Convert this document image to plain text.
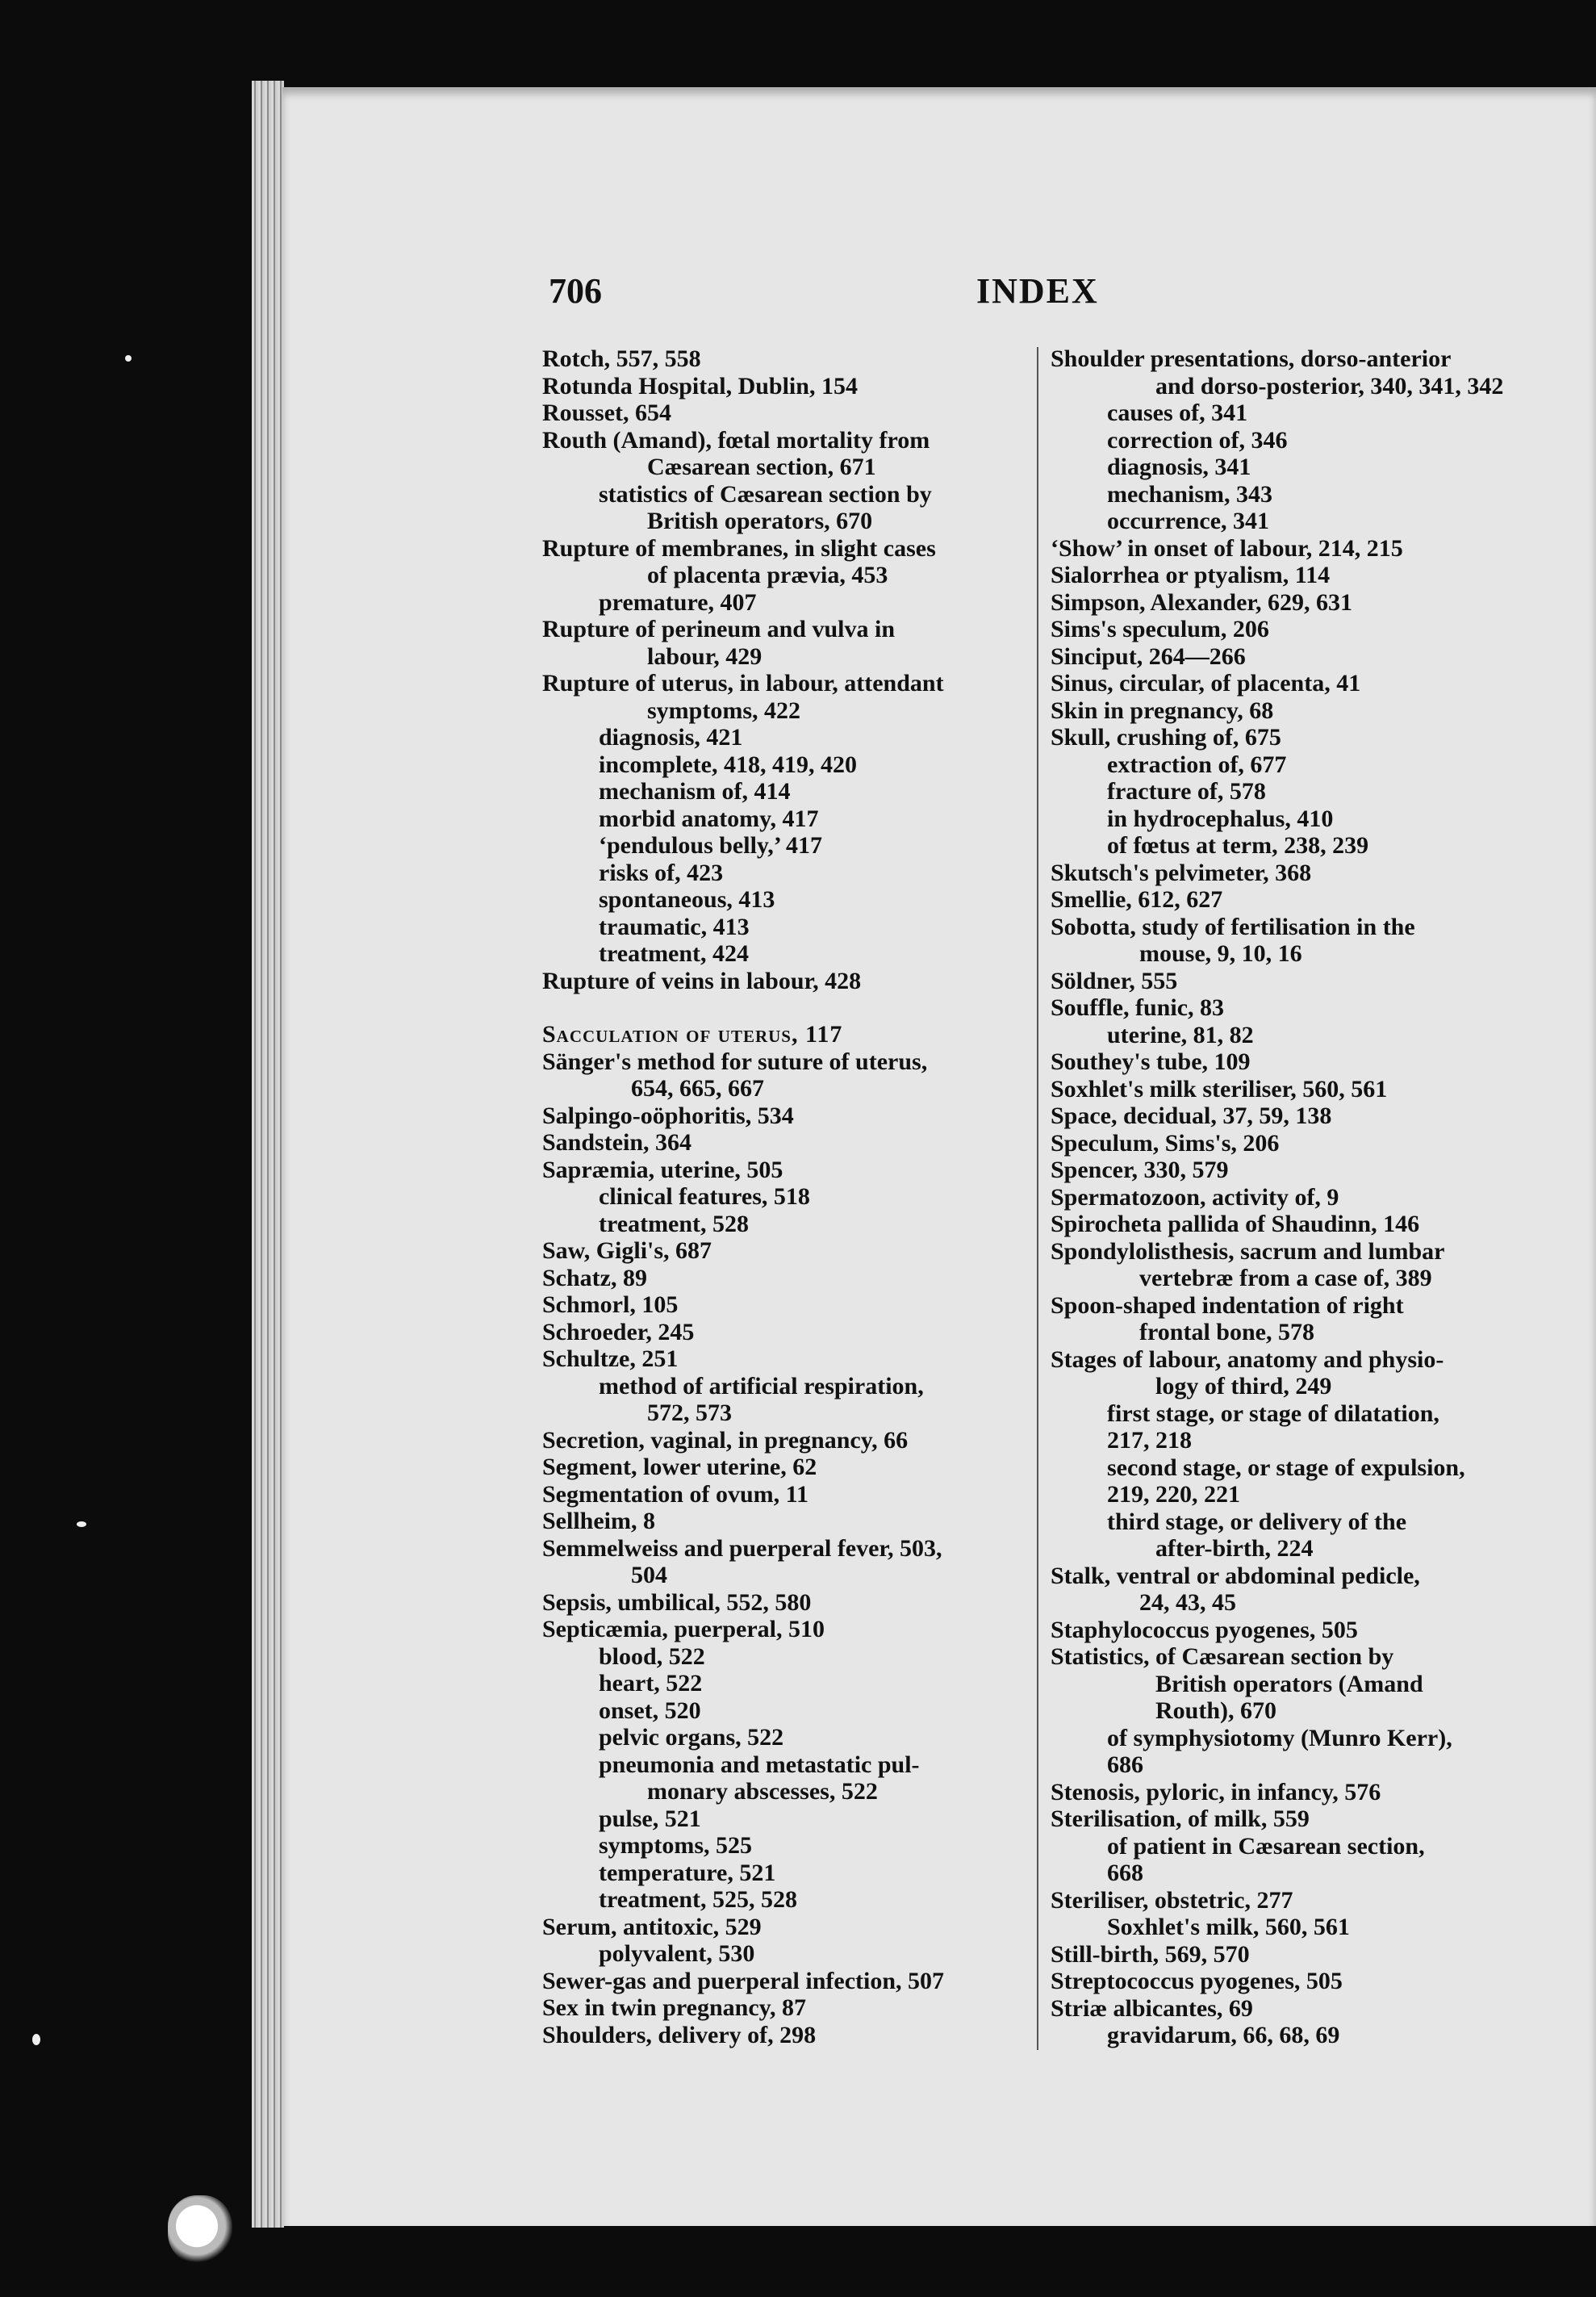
706	INDEX
Rotch, 557, 558
Rotunda Hospital, Dublin, 154
Rousset, 654
Routh (Amand), fœtal mortality from
Cæsarean section, 671
statistics of Cæsarean section by
British operators, 670
Rupture of membranes, in slight cases
of placenta prævia, 453
premature, 407
Rupture of perineum and vulva in
labour, 429
Rupture of uterus, in labour, attendant
symptoms, 422
diagnosis, 421
incomplete, 418, 419, 420
mechanism of, 414
morbid anatomy, 417
‘pendulous belly,’ 417
risks of, 423
spontaneous, 413
traumatic, 413
treatment, 424
Rupture of veins in labour, 428
Sacculation of uterus, 117
Sänger's method for suture of uterus,
654, 665, 667
Salpingo-oöphoritis, 534
Sandstein, 364
Sapræmia, uterine, 505
clinical features, 518
treatment, 528
Saw, Gigli's, 687
Schatz, 89
Schmorl, 105
Schroeder, 245
Schultze, 251
method of artificial respiration,
572, 573
Secretion, vaginal, in pregnancy, 66
Segment, lower uterine, 62
Segmentation of ovum, 11
Sellheim, 8
Semmelweiss and puerperal fever, 503,
504
Sepsis, umbilical, 552, 580
Septicæmia, puerperal, 510
blood, 522
heart, 522
onset, 520
pelvic organs, 522
pneumonia and metastatic pul-
monary abscesses, 522
pulse, 521
symptoms, 525
temperature, 521
treatment, 525, 528
Serum, antitoxic, 529
polyvalent, 530
Sewer-gas and puerperal infection, 507
Sex in twin pregnancy, 87
Shoulders, delivery of, 298
Shoulder presentations, dorso-anterior
and dorso-posterior, 340, 341, 342
causes of, 341
correction of, 346
diagnosis, 341
mechanism, 343
occurrence, 341
‘Show’ in onset of labour, 214, 215
Sialorrhea or ptyalism, 114
Simpson, Alexander, 629, 631
Sims's speculum, 206
Sinciput, 264—266
Sinus, circular, of placenta, 41
Skin in pregnancy, 68
Skull, crushing of, 675
extraction of, 677
fracture of, 578
in hydrocephalus, 410
of fœtus at term, 238, 239
Skutsch's pelvimeter, 368
Smellie, 612, 627
Sobotta, study of fertilisation in the
mouse, 9, 10, 16
Söldner, 555
Souffle, funic, 83
uterine, 81, 82
Southey's tube, 109
Soxhlet's milk steriliser, 560, 561
Space, decidual, 37, 59, 138
Speculum, Sims's, 206
Spencer, 330, 579
Spermatozoon, activity of, 9
Spirocheta pallida of Shaudinn, 146
Spondylolisthesis, sacrum and lumbar
vertebræ from a case of, 389
Spoon-shaped indentation of right
frontal bone, 578
Stages of labour, anatomy and physio-
logy of third, 249
first stage, or stage of dilatation,
217, 218
second stage, or stage of expulsion,
219, 220, 221
third stage, or delivery of the
after-birth, 224
Stalk, ventral or abdominal pedicle,
24, 43, 45
Staphylococcus pyogenes, 505
Statistics, of Cæsarean section by
British operators (Amand
Routh), 670
of symphysiotomy (Munro Kerr),
686
Stenosis, pyloric, in infancy, 576
Sterilisation, of milk, 559
of patient in Cæsarean section,
668
Steriliser, obstetric, 277
Soxhlet's milk, 560, 561
Still-birth, 569, 570
Streptococcus pyogenes, 505
Striæ albicantes, 69
gravidarum, 66, 68, 69
